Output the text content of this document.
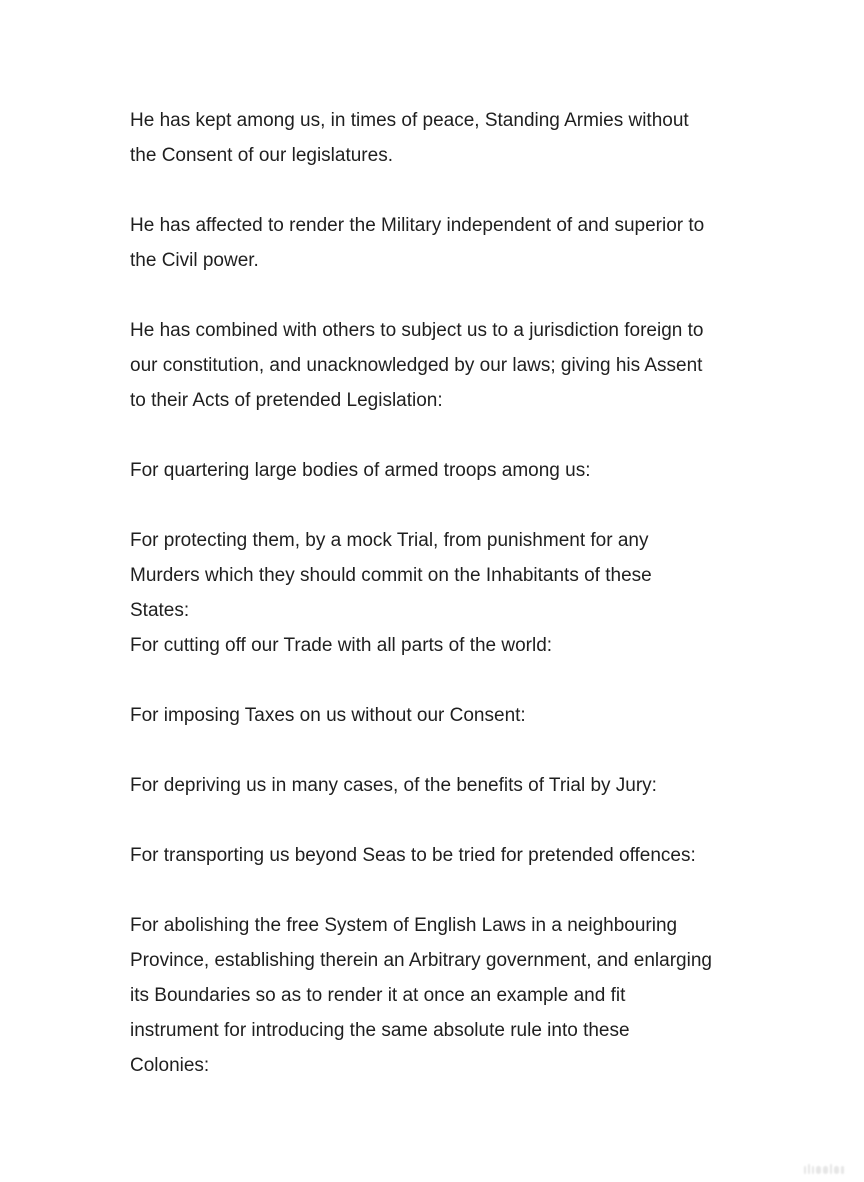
He has kept among us, in times of peace, Standing Armies without the Consent of our legislatures.

He has affected to render the Military independent of and superior to the Civil power.

He has combined with others to subject us to a jurisdiction foreign to our constitution, and unacknowledged by our laws; giving his Assent to their Acts of pretended Legislation:

For quartering large bodies of armed troops among us:

For protecting them, by a mock Trial, from punishment for any Murders which they should commit on the Inhabitants of these States:

For cutting off our Trade with all parts of the world:

For imposing Taxes on us without our Consent:

For depriving us in many cases, of the benefits of Trial by Jury:

For transporting us beyond Seas to be tried for pretended offences:

For abolishing the free System of English Laws in a neighbouring Province, establishing therein an Arbitrary government, and enlarging its Boundaries so as to render it at once an example and fit instrument for introducing the same absolute rule into these Colonies:
